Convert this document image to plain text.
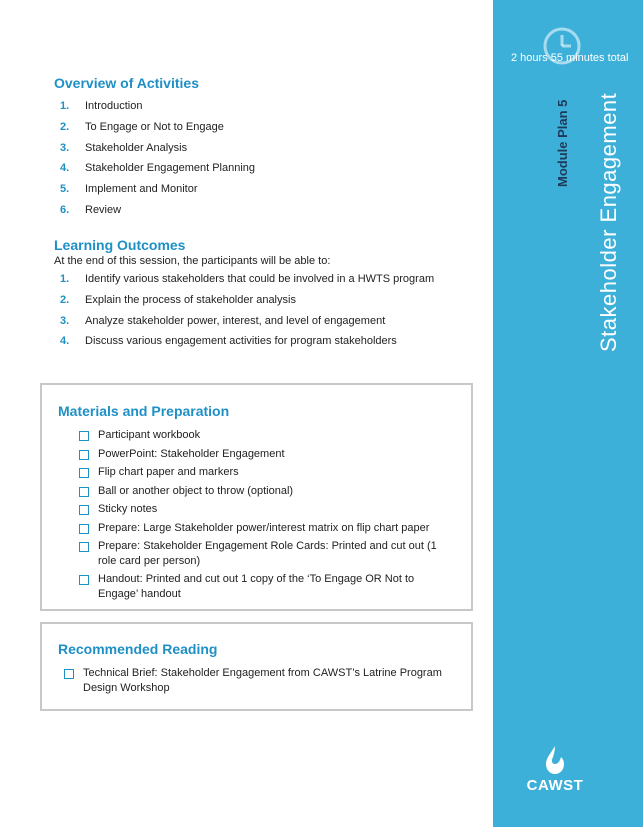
2 hours 55 minutes total
Module Plan 5 Stakeholder Engagement
CAWST
Overview of Activities
1.	Introduction
2.	To Engage or Not to Engage
3.	Stakeholder Analysis
4.	Stakeholder Engagement Planning
5.	Implement and Monitor
6.	Review
Learning Outcomes
At the end of this session, the participants will be able to:
1.	Identify various stakeholders that could be involved in a HWTS program
2.	Explain the process of stakeholder analysis
3.	Analyze stakeholder power, interest, and level of engagement
4.	Discuss various engagement activities for program stakeholders
Materials and Preparation
Participant workbook
PowerPoint: Stakeholder Engagement
Flip chart paper and markers
Ball or another object to throw (optional)
Sticky notes
Prepare: Large Stakeholder power/interest matrix on flip chart paper
Prepare: Stakeholder Engagement Role Cards: Printed and cut out (1 role card per person)
Handout: Printed and cut out 1 copy of the ‘To Engage OR Not to Engage’ handout
Recommended Reading
Technical Brief: Stakeholder Engagement from CAWST’s Latrine Program Design Workshop
